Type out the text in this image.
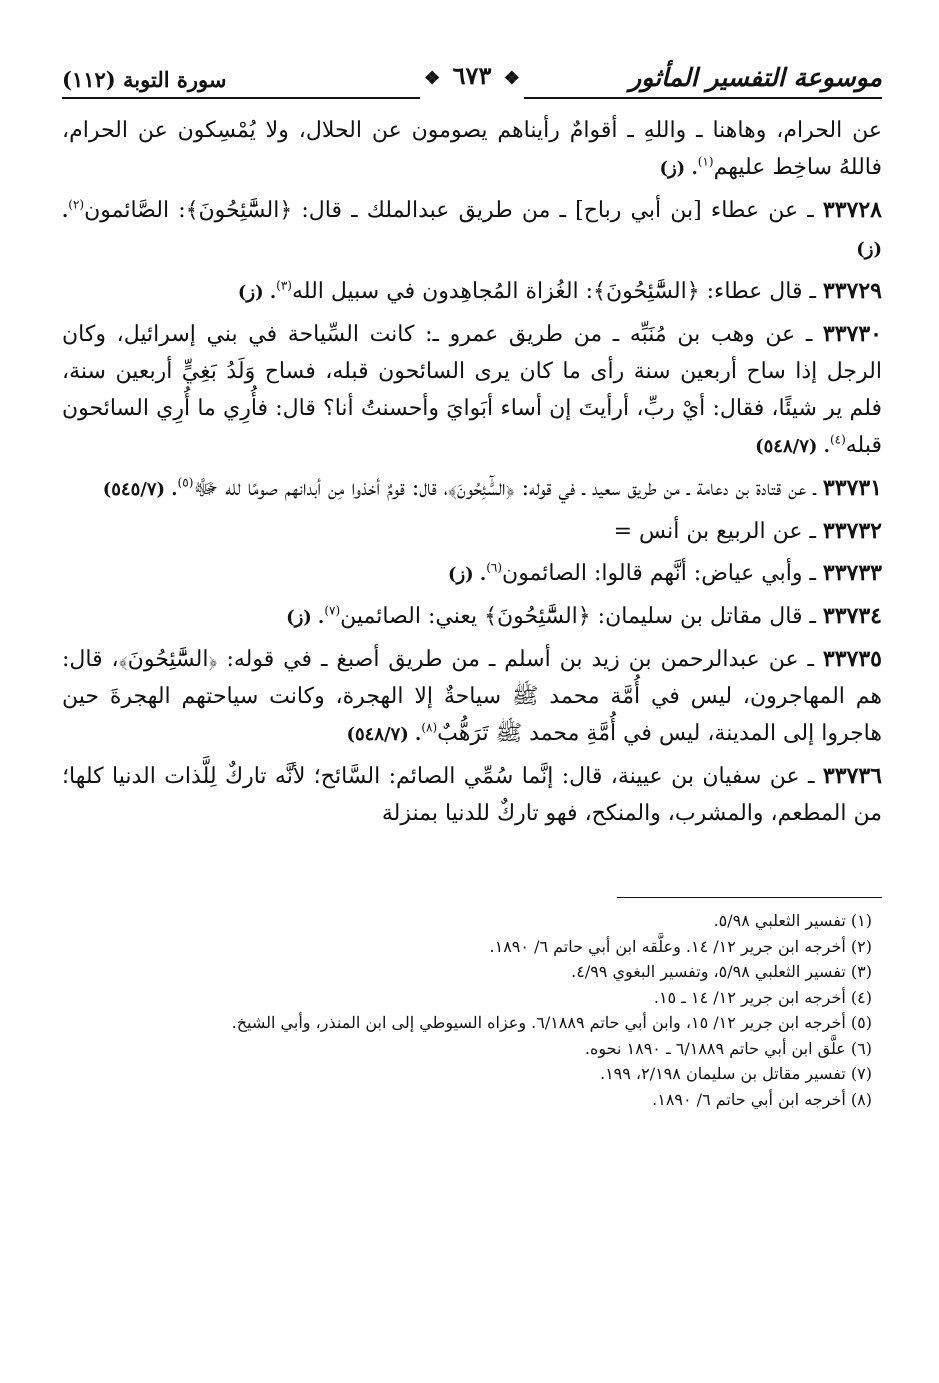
موسوعة التفسير المأثور
سورة التوبة (١١٢)	❖ ٦٧٣ ❖

عن الحرام، وهاهنا ـ واللهِ ـ أقوامٌ رأيناهم يصومون عن الحلال، ولا يُمْسِكون عن الحرام، فاللهُ ساخِط عليهم$^{(١)}$. (ز)

٣٣٧٢٨ ـ عن عطاء [بن أبي رباح] ـ من طريق عبدالملك ـ قال: ﴿السَّٰٓئِحُونَ﴾: الصَّائمون$^{(٢)}$. (ز)

٣٣٧٢٩ ـ قال عطاء: ﴿السَّٰٓئِحُونَ﴾: الغُزاة المُجاهِدون في سبيل الله$^{(٣)}$. (ز)

٣٣٧٣٠ ـ عن وهب بن مُنَبِّه ـ من طريق عمرو ـ: كانت السِّياحة في بني إسرائيل، وكان الرجل إذا ساح أربعين سنة رأى ما كان يرى السائحون قبله، فساح وَلَدُ بَغِيٍّ أربعين سنة، فلم ير شيئًا، فقال: أيْ ربِّ، أرأيتَ إن أساء أبَوايَ وأحسنتُ أنا؟ قال: فأُرِي ما أُرِي السائحون قبله$^{(٤)}$. (٥٤٨/٧)

٣٣٧٣١ ـ عن قتادة بن دعامة ـ من طريق سعيد ـ في قوله: ﴿السَّٰٓئِحُونَ﴾، قال: قومٌ أخذوا مِن أبدانهم صومًا لله ﷻ$^{(٥)}$. (٥٤٥/٧)

٣٣٧٣٢ ـ عن الربيع بن أنس =

٣٣٧٣٣ ـ وأبي عياض: أنَّهم قالوا: الصائمون$^{(٦)}$. (ز)

٣٣٧٣٤ ـ قال مقاتل بن سليمان: ﴿السَّٰٓئِحُونَ﴾ يعني: الصائمين$^{(٧)}$. (ز)

٣٣٧٣٥ ـ عن عبدالرحمن بن زيد بن أسلم ـ من طريق أصبغ ـ في قوله: ﴿السَّٰٓئِحُونَ﴾، قال: هم المهاجرون، ليس في أُمَّة محمد ﷺ سياحةٌ إلا الهجرة، وكانت سياحتهم الهجرةَ حين هاجروا إلى المدينة، ليس في أُمَّةِ محمد ﷺ تَرَهُّبٌ$^{(٨)}$. (٥٤٨/٧)

٣٣٧٣٦ ـ عن سفيان بن عيينة، قال: إنَّما سُمِّي الصائم: السَّائح؛ لأنَّه تاركٌ لِلَّذات الدنيا كلها؛ من المطعم، والمشرب، والمنكح، فهو تاركٌ للدنيا بمنزلة

(١) تفسير الثعلبي ٥/٩٨.
(٢) أخرجه ابن جرير ١٢/ ١٤. وعلَّقه ابن أبي حاتم ٦/ ١٨٩٠.
(٣) تفسير الثعلبي ٥/٩٨، وتفسير البغوي ٤/٩٩.
(٤) أخرجه ابن جرير ١٢/ ١٤ ـ ١٥.
(٥) أخرجه ابن جرير ١٢/ ١٥، وابن أبي حاتم ٦/١٨٨٩. وعزاه السيوطي إلى ابن المنذر، وأبي الشيخ.
(٦) علَّق ابن أبي حاتم ٦/١٨٨٩ ـ ١٨٩٠ نحوه.
(٧) تفسير مقاتل بن سليمان ٢/١٩٨، ١٩٩.
(٨) أخرجه ابن أبي حاتم ٦/ ١٨٩٠.
